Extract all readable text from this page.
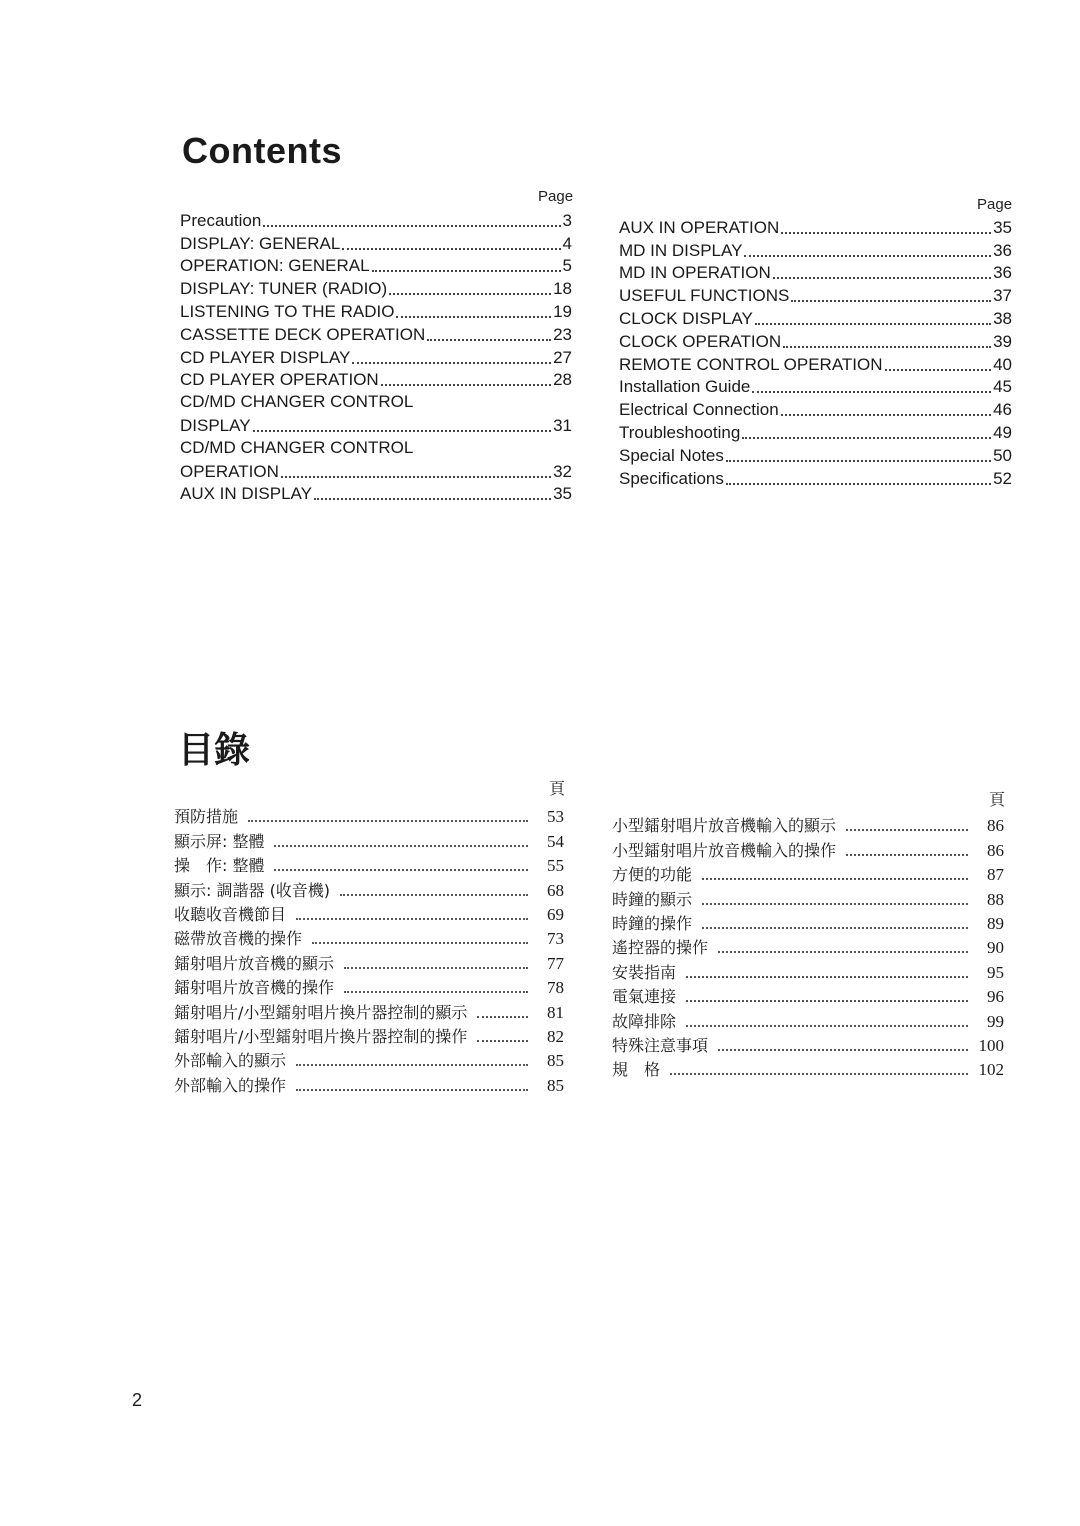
Contents
Page
Precaution	3
DISPLAY: GENERAL	4
OPERATION: GENERAL	5
DISPLAY: TUNER (RADIO)	18
LISTENING TO THE RADIO	19
CASSETTE DECK OPERATION	23
CD PLAYER DISPLAY	27
CD PLAYER OPERATION	28
CD/MD CHANGER CONTROL
DISPLAY	31
CD/MD CHANGER CONTROL
OPERATION	32
AUX IN DISPLAY	35
Page
AUX IN OPERATION	35
MD IN DISPLAY	36
MD IN OPERATION	36
USEFUL FUNCTIONS	37
CLOCK DISPLAY	38
CLOCK OPERATION	39
REMOTE CONTROL OPERATION	40
Installation Guide	45
Electrical Connection	46
Troubleshooting	49
Special Notes	50
Specifications	52
目錄
頁
預防措施	53
顯示屏: 整體	54
操　作: 整體	55
顯示: 調諧器 (收音機)	68
收聽收音機節目	69
磁帶放音機的操作	73
鐳射唱片放音機的顯示	77
鐳射唱片放音機的操作	78
鐳射唱片/小型鐳射唱片換片器控制的顯示	81
鐳射唱片/小型鐳射唱片換片器控制的操作	82
外部輸入的顯示	85
外部輸入的操作	85
頁
小型鐳射唱片放音機輸入的顯示	86
小型鐳射唱片放音機輸入的操作	86
方便的功能	87
時鐘的顯示	88
時鐘的操作	89
遙控器的操作	90
安裝指南	95
電氣連接	96
故障排除	99
特殊注意事項	100
規　格	102
2
